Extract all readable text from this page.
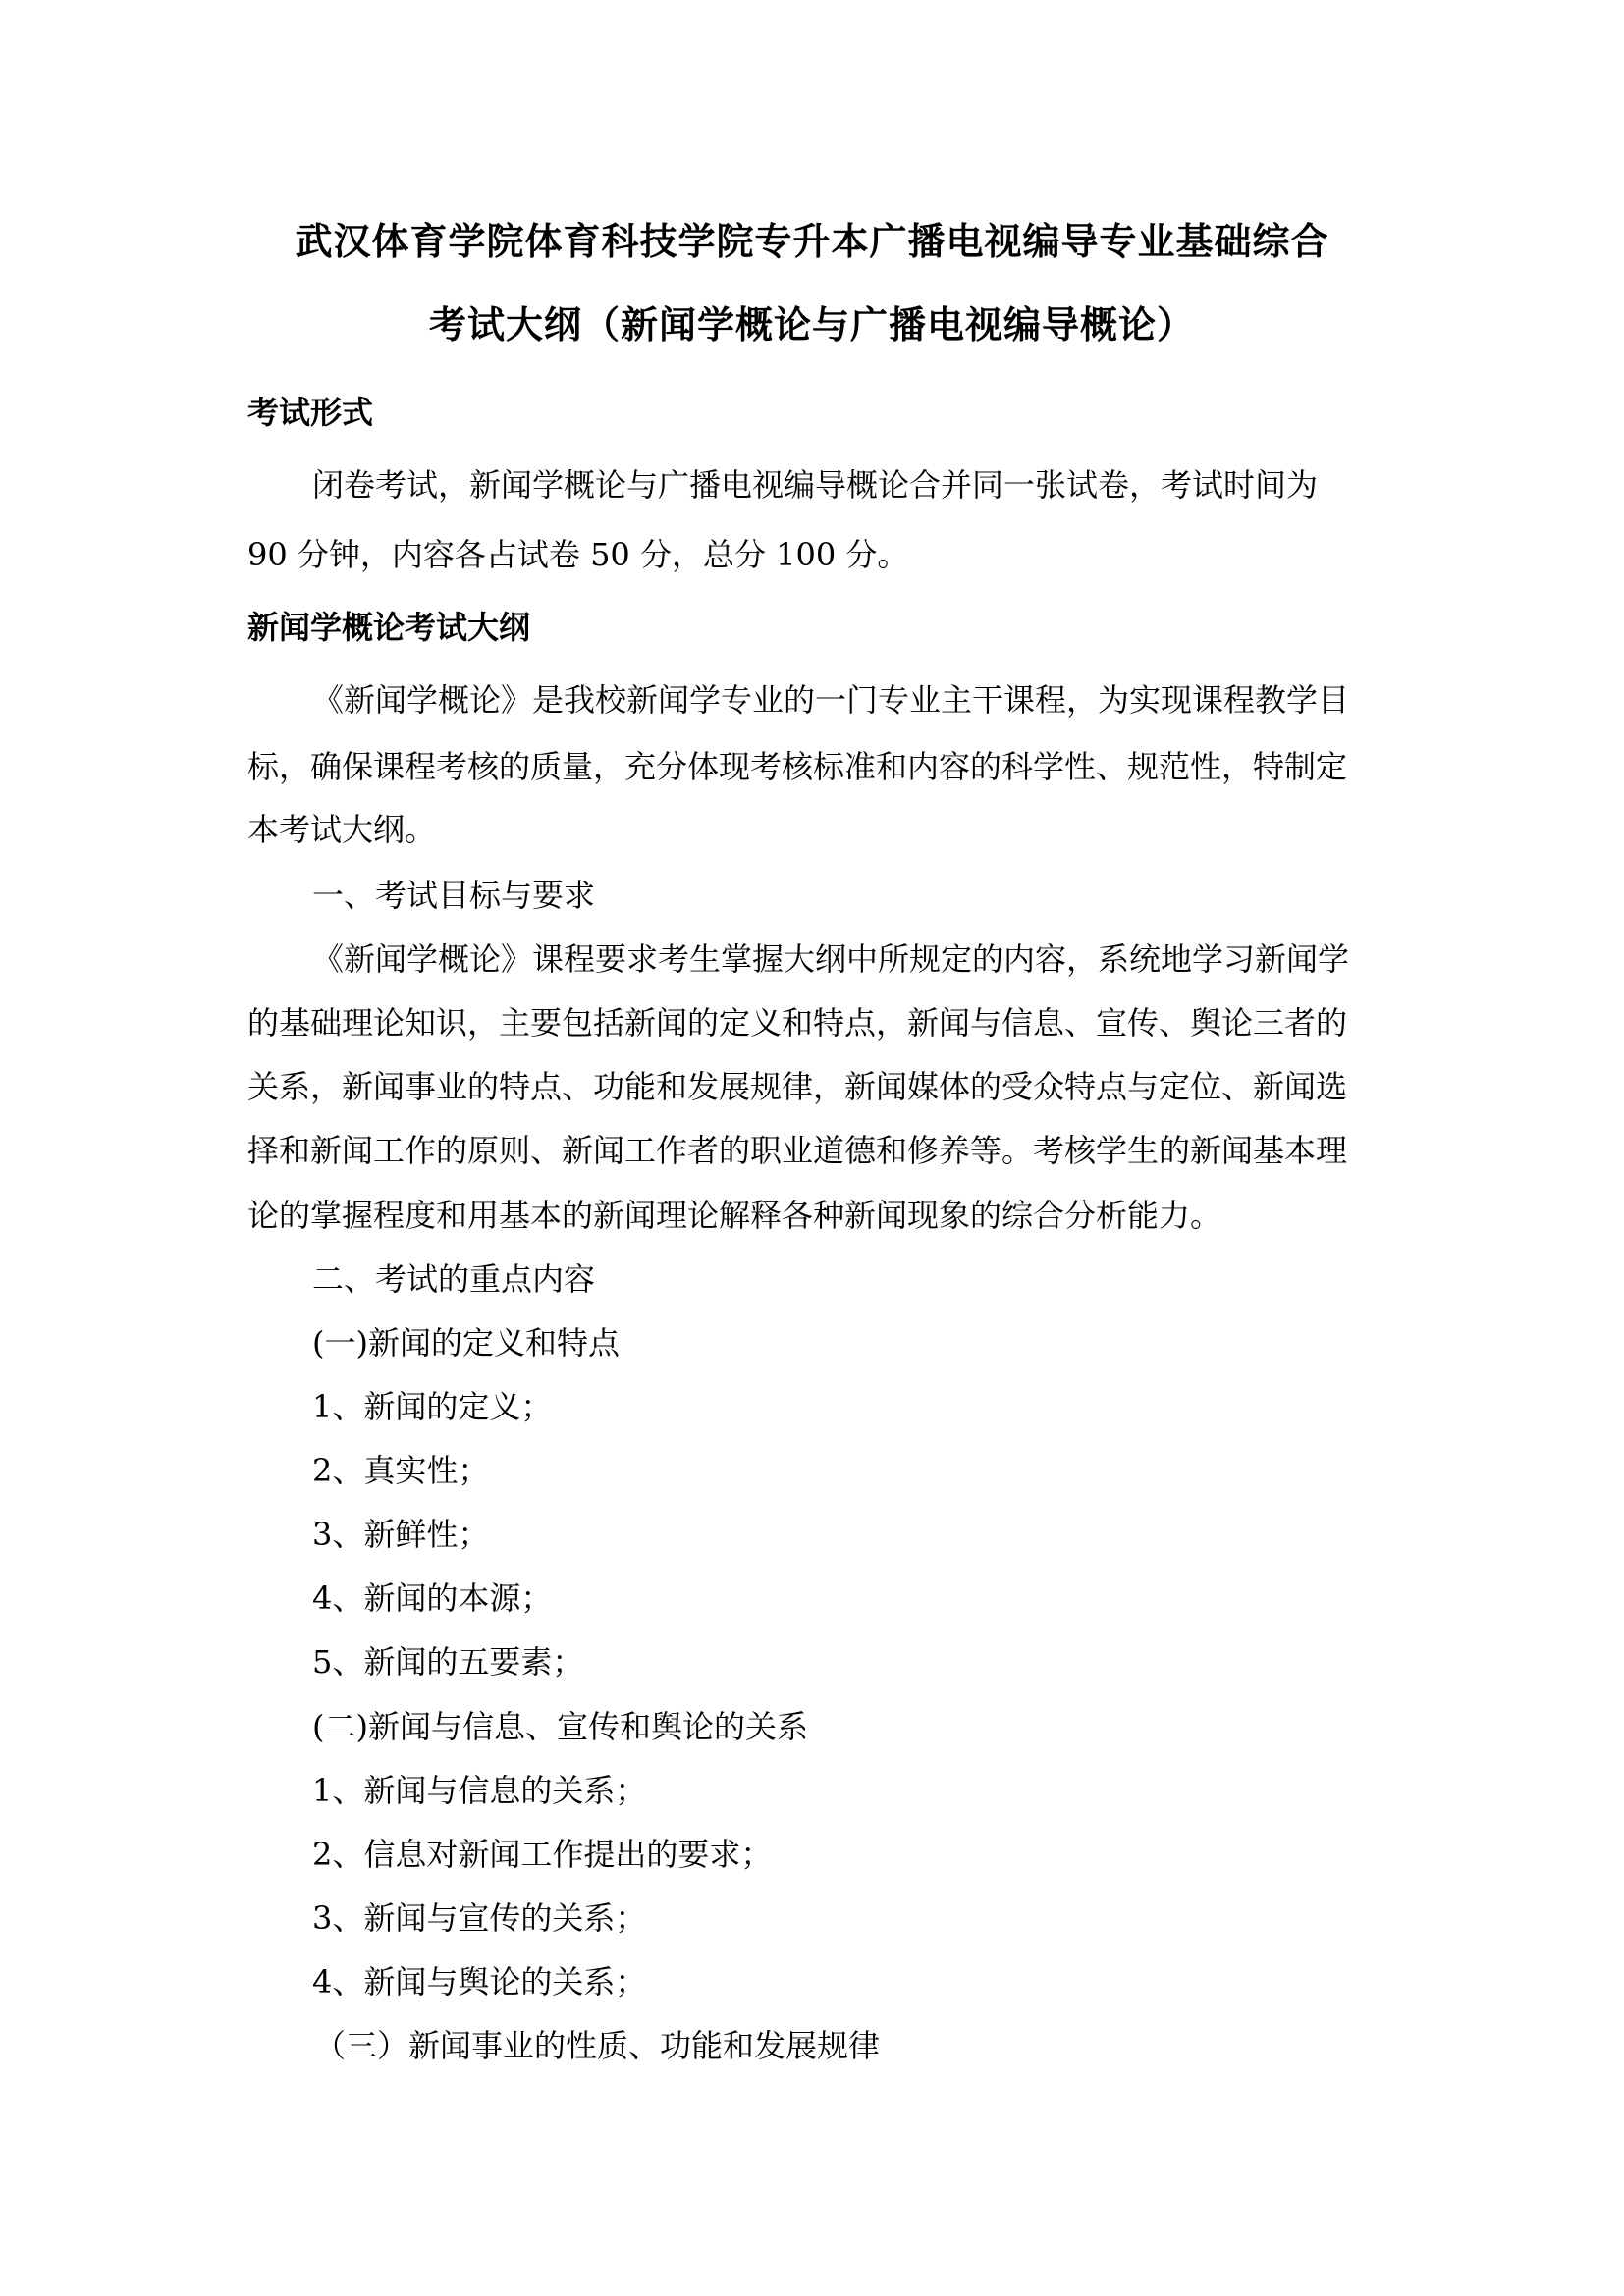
武汉体育学院体育科技学院专升本广播电视编导专业基础综合
考试大纲（新闻学概论与广播电视编导概论）
考试形式

闭卷考试，新闻学概论与广播电视编导概论合并同一张试卷，考试时间为

90 分钟，内容各占试卷 50 分，总分 100 分。

新闻学概论考试大纲

《新闻学概论》是我校新闻学专业的一门专业主干课程，为实现课程教学目

标，确保课程考核的质量，充分体现考核标准和内容的科学性、规范性，特制定

本考试大纲。

一、考试目标与要求

《新闻学概论》课程要求考生掌握大纲中所规定的内容，系统地学习新闻学

的基础理论知识，主要包括新闻的定义和特点，新闻与信息、宣传、舆论三者的

关系，新闻事业的特点、功能和发展规律，新闻媒体的受众特点与定位、新闻选

择和新闻工作的原则、新闻工作者的职业道德和修养等。考核学生的新闻基本理

论的掌握程度和用基本的新闻理论解释各种新闻现象的综合分析能力。

二、考试的重点内容

(一)新闻的定义和特点

1、新闻的定义；

2、真实性；

3、新鲜性；

4、新闻的本源；

5、新闻的五要素；

(二)新闻与信息、宣传和舆论的关系

1、新闻与信息的关系；

2、信息对新闻工作提出的要求；

3、新闻与宣传的关系；

4、新闻与舆论的关系；

（三）新闻事业的性质、功能和发展规律
